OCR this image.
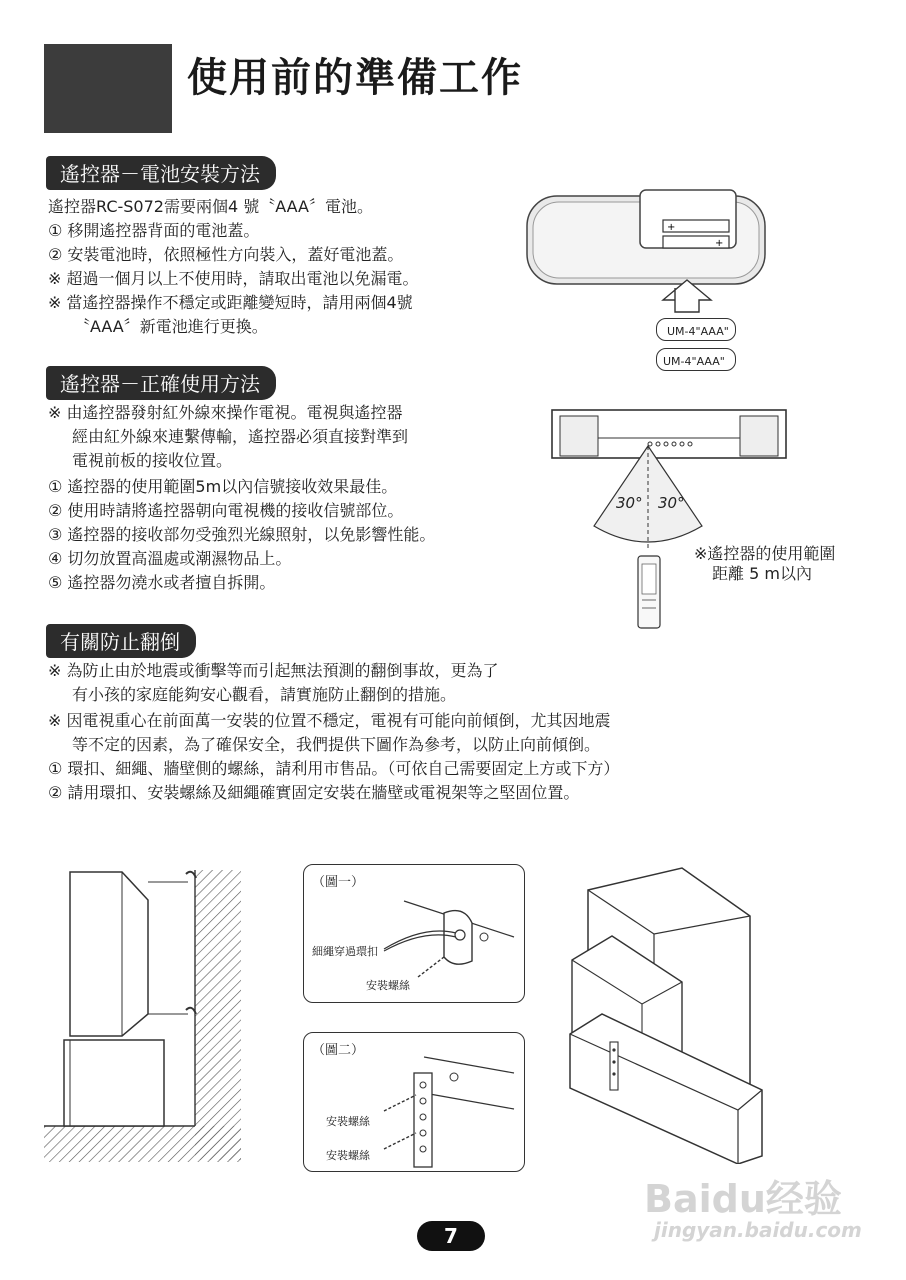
使用前的準備工作
遙控器－電池安裝方法
遙控器RC-S072需要兩個4 號〝AAA〞電池。
① 移開遙控器背面的電池蓋。
② 安裝電池時，依照極性方向裝入，蓋好電池蓋。
※ 超過一個月以上不使用時，請取出電池以免漏電。
※ 當遙控器操作不穩定或距離變短時，請用兩個4號
〝AAA〞新電池進行更換。
+
+
UM-4"AAA"
UM-4"AAA"
遙控器－正確使用方法
※ 由遙控器發射紅外線來操作電視。電視與遙控器
經由紅外線來連繫傳輸，遙控器必須直接對準到
電視前板的接收位置。
① 遙控器的使用範圍5m以內信號接收效果最佳。
② 使用時請將遙控器朝向電視機的接收信號部位。
③ 遙控器的接收部勿受強烈光線照射，以免影響性能。
④ 切勿放置高溫處或潮濕物品上。
⑤ 遙控器勿澆水或者擅自拆開。
30° 30°
※遙控器的使用範圍
距離 5 m以內
有關防止翻倒
※ 為防止由於地震或衝擊等而引起無法預測的翻倒事故，更為了
有小孩的家庭能夠安心觀看，請實施防止翻倒的措施。
※ 因電視重心在前面萬一安裝的位置不穩定，電視有可能向前傾倒，尤其因地震
等不定的因素，為了確保安全，我們提供下圖作為參考，以防止向前傾倒。
① 環扣、細繩、牆壁側的螺絲，請利用市售品。（可依自己需要固定上方或下方）
② 請用環扣、安裝螺絲及細繩確實固定安裝在牆壁或電視架等之堅固位置。
（圖一）
細繩穿過環扣
安裝螺絲
（圖二）
安裝螺絲
安裝螺絲
7
Baidu经验
jingyan.baidu.com
